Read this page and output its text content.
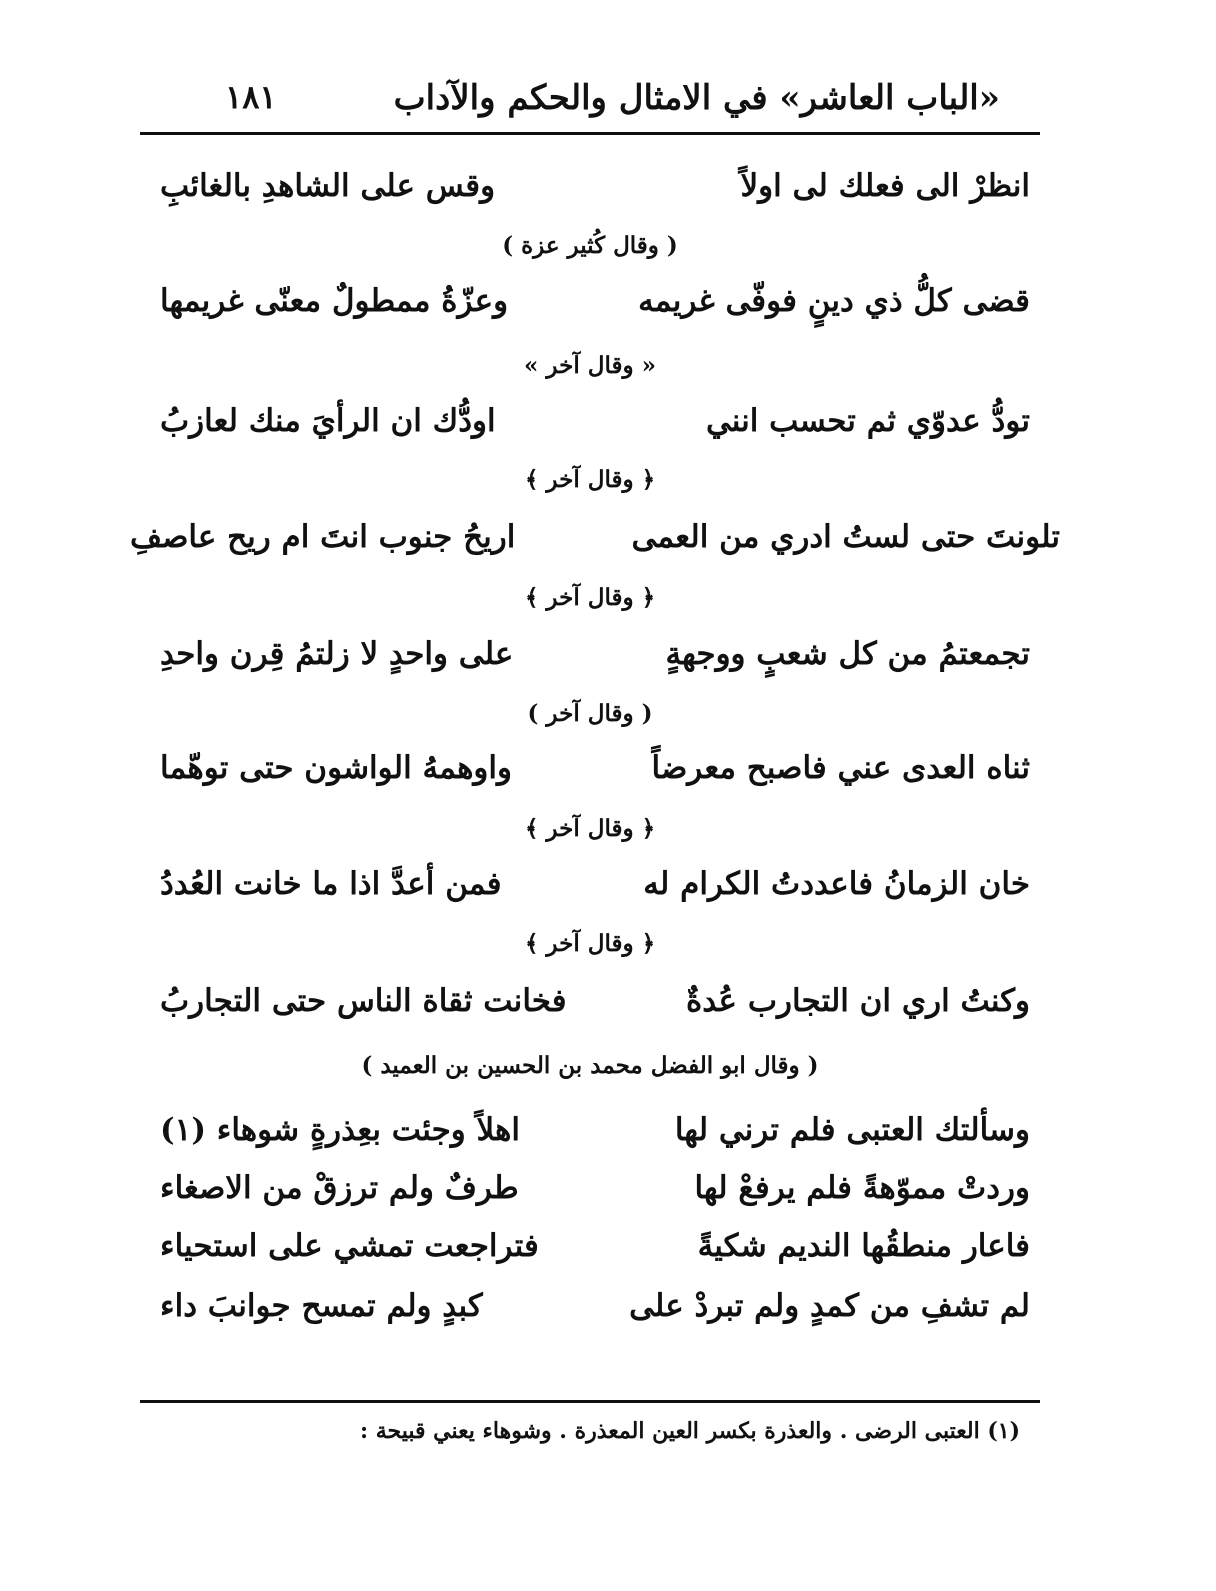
«الباب العاشر» في الامثال والحكم والآداب
١٨١
انظرْ الى فعلك لى اولاً
وقس على الشاهدِ بالغائبِ
( وقال كُثير عزة )
قضى كلُّ ذي دينٍ فوفّى غريمه
وعزّةُ ممطولٌ معنّى غريمها
« وقال آخر »
تودُّ عدوّي ثم تحسب انني
اودُّك ان الرأيَ منك لعازبُ
﴿ وقال آخر ﴾
تلونتَ حتى لستُ ادري من العمى
اريحُ جنوب انتَ ام ريح عاصفِ
﴿ وقال آخر ﴾
تجمعتمُ من كل شعبٍ ووجهةٍ
على واحدٍ لا زلتمُ قِرن واحدِ
( وقال آخر )
ثناه العدى عني فاصبح معرضاً
واوهمهُ الواشون حتى توهّما
﴿ وقال آخر ﴾
خان الزمانُ فاعددتُ الكرام له
فمن أعدَّ اذا ما خانت العُددُ
﴿ وقال آخر ﴾
وكنتُ اري ان التجارب عُدةٌ
فخانت ثقاة الناس حتى التجاربُ
( وقال ابو الفضل محمد بن الحسين بن العميد )
وسألتك العتبى فلم ترني لها
اهلاً وجئت بعِذرةٍ شوهاء (١)
وردتْ مموّهةً فلم يرفعْ لها
طرفٌ ولم ترزقْ من الاصغاء
فاعار منطقُها النديم شكيةً
فتراجعت تمشي على استحياء
لم تشفِ من كمدٍ ولم تبردْ على
كبدٍ ولم تمسح جوانبَ داء
(١) العتبى الرضى . والعذرة بكسر العين المعذرة . وشوهاء يعني قبيحة :
